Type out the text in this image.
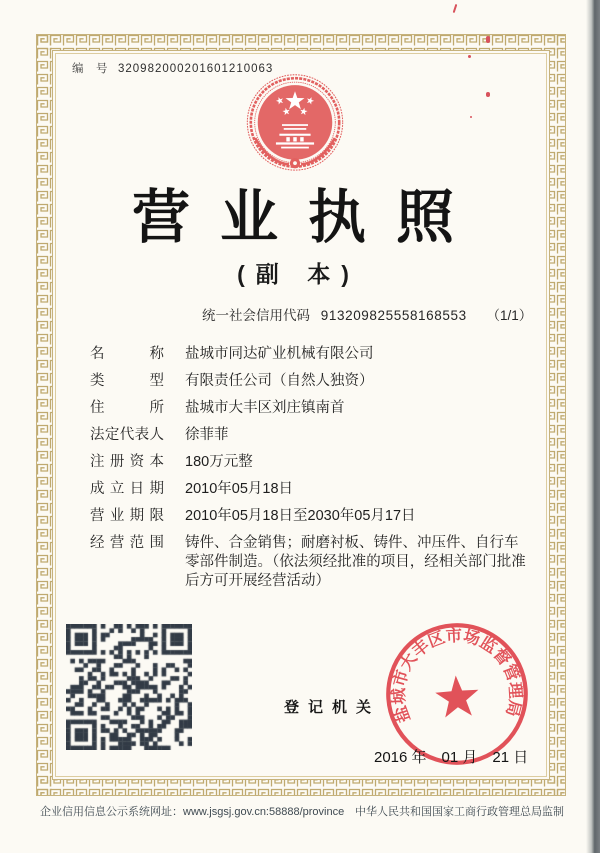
编　号 320982000201601210063
营业执照
(副 本)
统一社会信用代码 913209825558168553 （1/1）
名	称 盐城市同达矿业机械有限公司
类	型 有限责任公司（自然人独资）
住	所 盐城市大丰区刘庄镇南首
法 定 代 表 人 徐菲菲
注 册 资 本 180万元整
成 立 日 期 2010年05月18日
营 业 期 限 2010年05月18日至2030年05月17日
经 营 范 围 铸件、合金销售；耐磨衬板、铸件、冲压件、自行车零部件制造。（依法须经批准的项目，经相关部门批准后方可开展经营活动）
登记机关 盐城市大丰区市场监督管理局
2016 年　01 月　21 日
企业信用信息公示系统网址：www.jsgsj.gov.cn:58888/province 中华人民共和国国家工商行政管理总局监制
